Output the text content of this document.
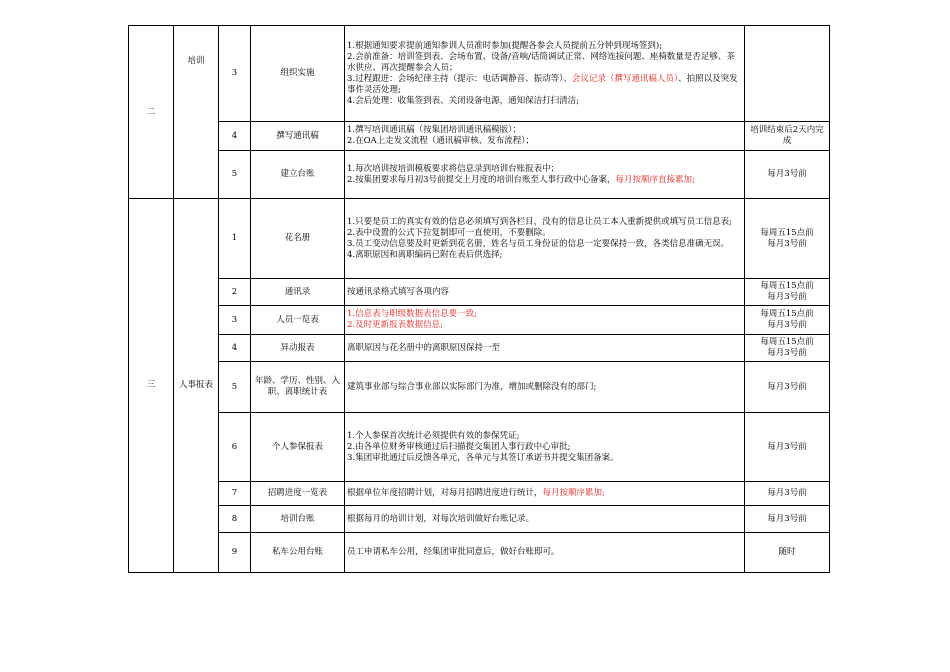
二	培训	3	组织实施	1.根据通知要求提前通知参训人员准时参加(提醒各参会人员提前五分钟到现场签到);
2.会前准备：培训签到表、会场布置、设备/音响/话筒调试正常、网络连接问题、座椅数量是否足够、茶水供应、再次提醒参会人员；
3.过程跟进：会场纪律主持（提示：电话调静音、振动等）、会议记录（撰写通讯稿人员）、拍照以及突发事件灵活处理;
4.会后处理：收集签到表、关闭设备电源，通知保洁打扫清洁;	

		4	撰写通讯稿	1.撰写培训通讯稿（按集团培训通讯稿模版）；
2.在OA上走发文流程（通讯稿审核、发布流程）；	培训结束后2天内完成
		5	建立台账	1.每次培训按培训模板要求将信息录到培训台账报表中；
2.按集团要求每月初3号前提交上月度的培训台账至人事行政中心备案，每月按顺序直接累加;	每月3号前
三	人事报表	1	花名册	1.只要是员工的真实有效的信息必须填写到各栏目，没有的信息让员工本人重新提供或填写员工信息表;
2.表中设置的公式下拉复制即可一直使用，不要删除。
3.员工变动信息要及时更新到花名册，姓名与员工身份证的信息一定要保持一致，各类信息准确无误。
4.离职原因和离职编码已附在表后供选择;	每周五15点前
每月3号前

		2	通讯录	按通讯录格式填写各项内容	每周五15点前
每月3号前

		3	人员一览表	1.信息表与职级数据表信息要一致;
2.及时更新报表数据信息;	每周五15点前
每月3号前

		4	异动报表	离职原因与花名册中的离职原因保持一至	每周五15点前
每月3号前

		5	年龄、学历、性别、入职、离职统计表	建筑事业部与综合事业部以实际部门为准，增加或删除没有的部门;	每月3号前

		6	个人参保报表	1.个人参保首次统计必须提供有效的参保凭证;
2.由各单位财务审核通过后扫描提交集团人事行政中心审批;
3.集团审批通过后反馈各单元，各单元与其签订承诺书并提交集团备案。	每月3号前

		7	招聘进度一览表	根据单位年度招聘计划，对每月招聘进度进行统计，每月按顺序累加;	每月3号前

		8	培训台账	根据每月的培训计划，对每次培训做好台账记录。	每月3号前

		9	私车公用台账	员工申请私车公用，经集团审批同意后，做好台账即可。	随时
